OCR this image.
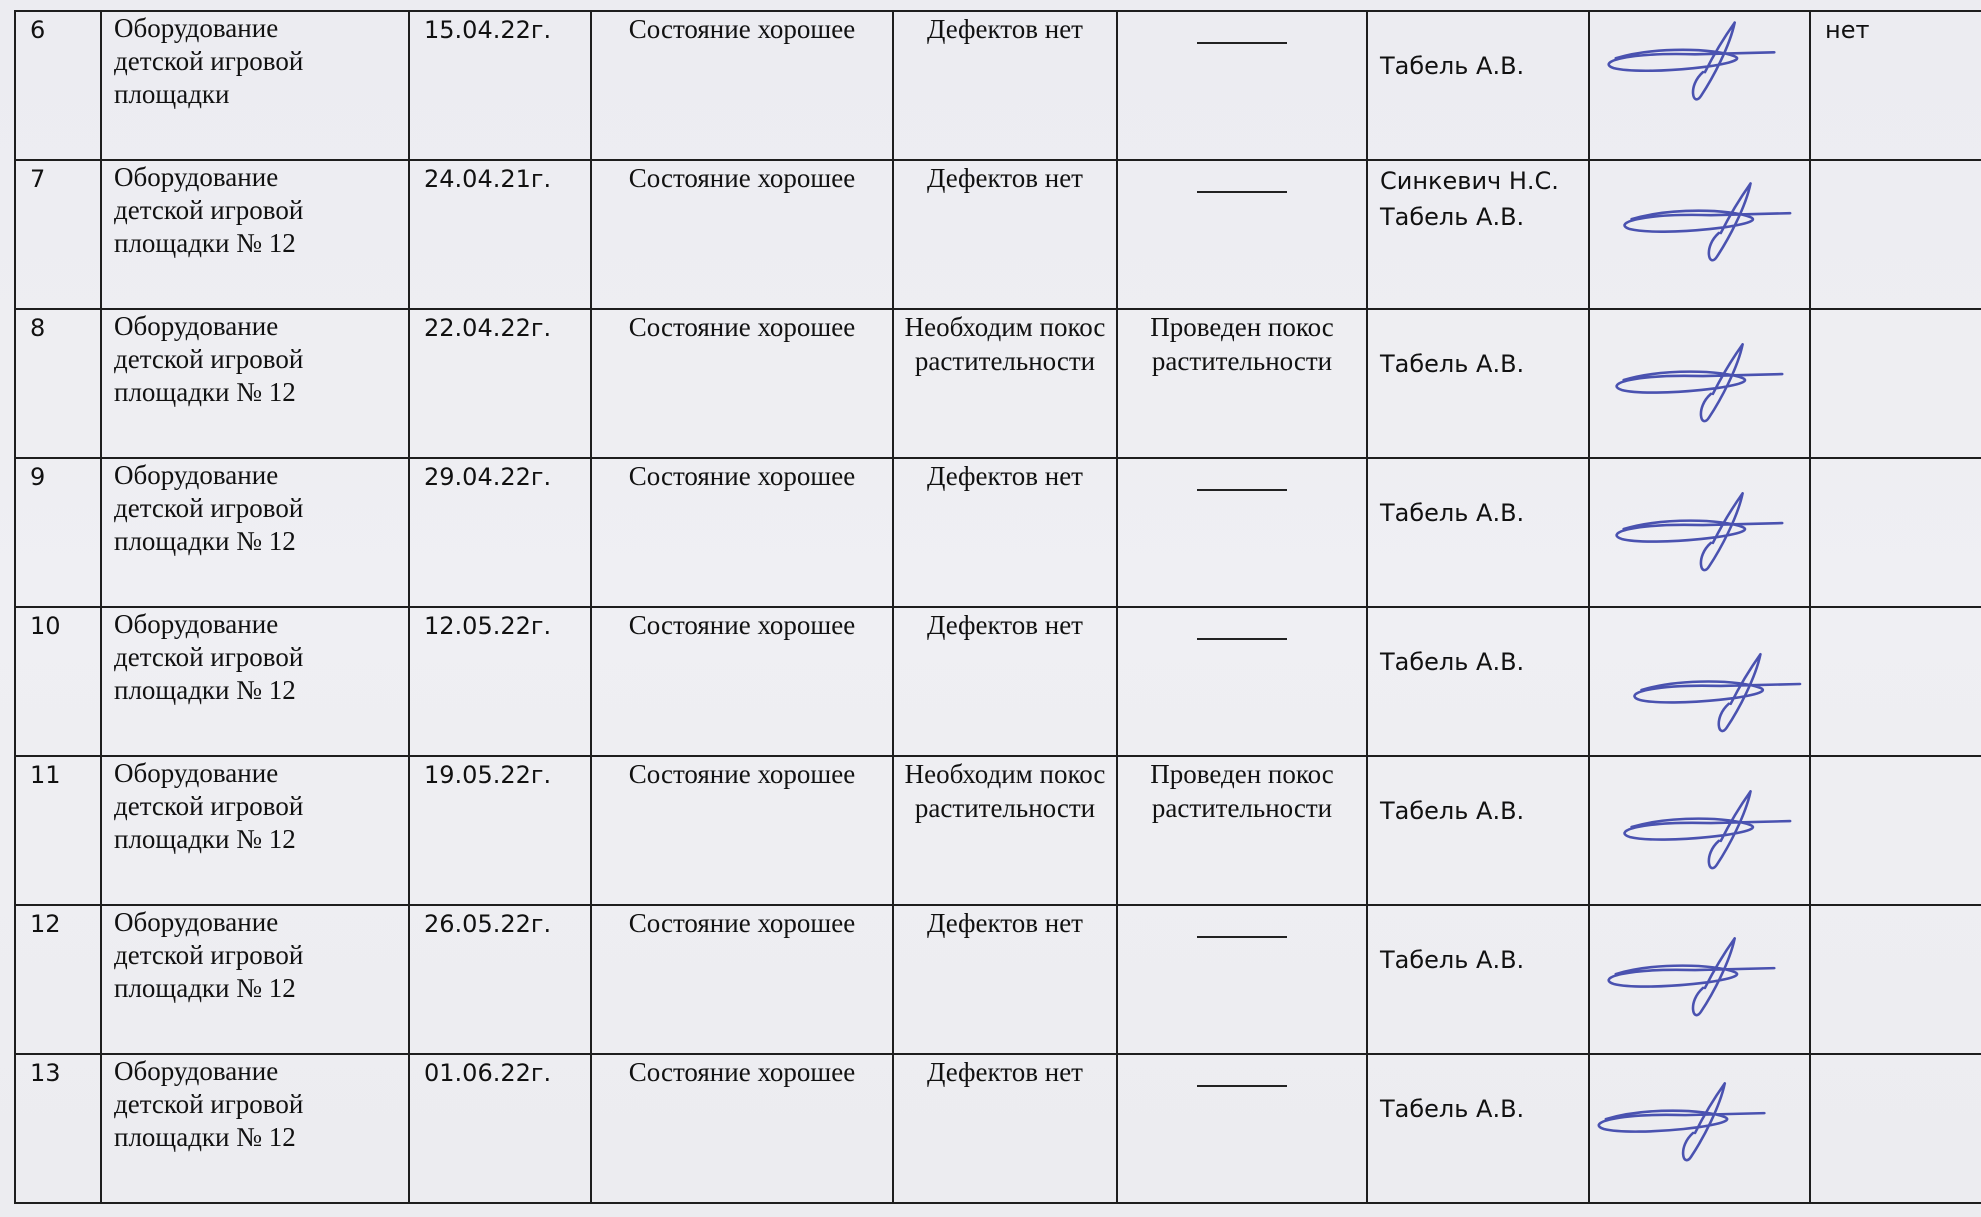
6	Оборудование
детской игровой
площадки	15.04.22г.	Состояние хорошее	Дефектов нет		Табель А.В.		нет

7	Оборудование
детской игровой
площадки № 12	24.04.21г.	Состояние хорошее	Дефектов нет		Синкевич Н.С.
Табель А.В.

8	Оборудование
детской игровой
площадки № 12	22.04.22г.	Состояние хорошее	Необходим покос растительности	Проведен покос растительности	Табель А.В.

9	Оборудование
детской игровой
площадки № 12	29.04.22г.	Состояние хорошее	Дефектов нет		Табель А.В.

10	Оборудование
детской игровой
площадки № 12	12.05.22г.	Состояние хорошее	Дефектов нет		Табель А.В.

11	Оборудование
детской игровой
площадки № 12	19.05.22г.	Состояние хорошее	Необходим покос растительности	Проведен покос растительности	Табель А.В.

12	Оборудование
детской игровой
площадки № 12	26.05.22г.	Состояние хорошее	Дефектов нет		Табель А.В.

13	Оборудование
детской игровой
площадки № 12	01.06.22г.	Состояние хорошее	Дефектов нет		Табель А.В.
